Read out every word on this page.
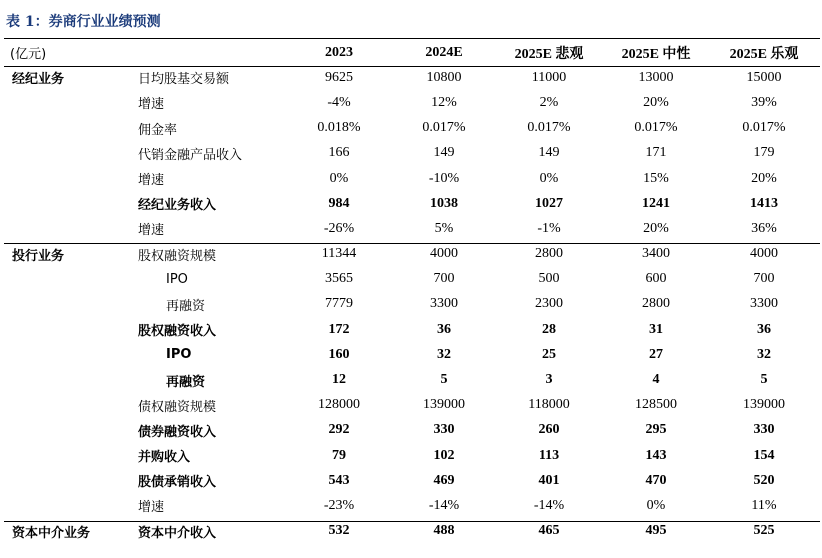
表 1：券商行业业绩预测
(亿元)		2023	2024E	2025E 悲观	2025E 中性	2025E 乐观
经纪业务	日均股基交易额	9625	10800	11000	13000	15000
	增速	-4%	12%	2%	20%	39%
	佣金率	0.018%	0.017%	0.017%	0.017%	0.017%
	代销金融产品收入	166	149	149	171	179
	增速	0%	-10%	0%	15%	20%
	经纪业务收入	984	1038	1027	1241	1413
	增速	-26%	5%	-1%	20%	36%
投行业务	股权融资规模	11344	4000	2800	3400	4000
	IPO	3565	700	500	600	700
	再融资	7779	3300	2300	2800	3300
	股权融资收入	172	36	28	31	36
	IPO	160	32	25	27	32
	再融资	12	5	3	4	5
	债权融资规模	128000	139000	118000	128500	139000
	债券融资收入	292	330	260	295	330
	并购收入	79	102	113	143	154
	股债承销收入	543	469	401	470	520
	增速	-23%	-14%	-14%	0%	11%
资本中介业务	资本中介收入	532	488	465	495	525
